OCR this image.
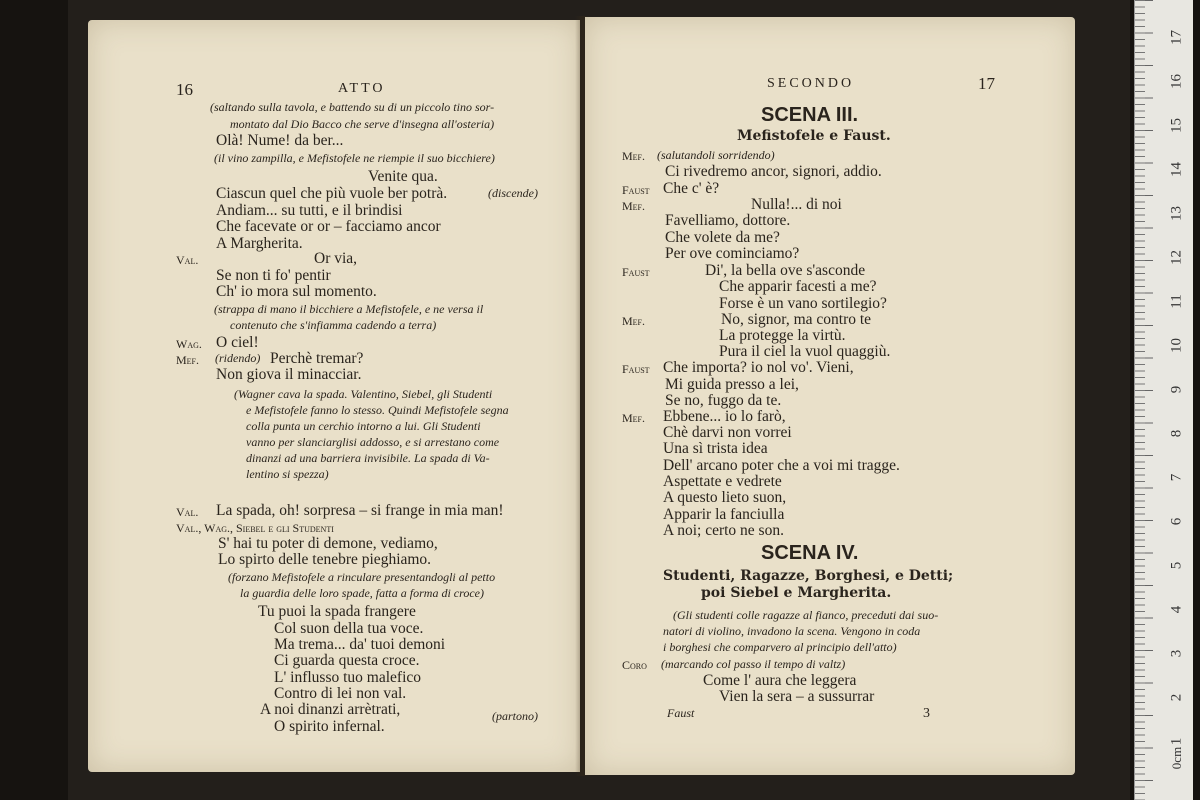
16	ATTO
(saltando sulla tavola, e battendo su di un piccolo tino sor-
montato dal Dio Bacco che serve d'insegna all'osteria)
Olà! Nume! da ber...
(il vino zampilla, e Mefistofele ne riempie il suo bicchiere)
Venite qua.
Ciascun quel che più vuole ber potrà.	(discende)
Andiam... su tutti, e il brindisi
Che facevate or or – facciamo ancor
A Margherita.
Val.	Or via,
Se non ti fo' pentir
Ch' io mora sul momento.
(strappa di mano il bicchiere a Mefistofele, e ne versa il
contenuto che s'infiamma cadendo a terra)
Wag. O ciel!
Mef. (ridendo) Perchè tremar?
Non giova il minacciar.
(Wagner cava la spada. Valentino, Siebel, gli Studenti
e Mefistofele fanno lo stesso. Quindi Mefistofele segna
colla punta un cerchio intorno a lui. Gli Studenti
vanno per slanciarglisi addosso, e si arrestano come
dinanzi ad una barriera invisibile. La spada di Va-
lentino si spezza)
Val. La spada, oh! sorpresa – si frange in mia man!
Val., Wag., Siebel e gli Studenti
S' hai tu poter di demone, vediamo,
Lo spirto delle tenebre pieghiamo.
(forzano Mefistofele a rinculare presentandogli al petto
la guardia delle loro spade, fatta a forma di croce)
Tu puoi la spada frangere
Col suon della tua voce.
Ma trema... da' tuoi demoni
Ci guarda questa croce.
L' influsso tuo malefico
Contro di lei non val.
A noi dinanzi arrètrati,
O spirito infernal.
(partono)
SECONDO	17
SCENA III.
Mefistofele e Faust.
Mef. (salutandoli sorridendo)
Ci rivedremo ancor, signori, addio.
Faust Che c' è?
Mef.	Nulla!... di noi
Favelliamo, dottore.
Che volete da me?
Per ove cominciamo?
Faust	Di', la bella ove s'asconde
Che apparir facesti a me?
Forse è un vano sortilegio?
Mef.	No, signor, ma contro te
La protegge la virtù.
Pura il ciel la vuol quaggiù.
Faust Che importa? io nol vo'. Vieni,
Mi guida presso a lei,
Se no, fuggo da te.
Mef. Ebbene... io lo farò,
Chè darvi non vorrei
Una sì trista idea
Dell' arcano poter che a voi mi tragge.
Aspettate e vedrete
A questo lieto suon,
Apparir la fanciulla
A noi; certo ne son.
SCENA IV.
Studenti, Ragazze, Borghesi, e Detti;
poi Siebel e Margherita.
(Gli studenti colle ragazze al fianco, preceduti dai suo-
natori di violino, invadono la scena. Vengono in coda
i borghesi che comparvero al principio dell'atto)
Coro (marcando col passo il tempo di valtz)
Come l' aura che leggera
Vien la sera – a sussurrar
Faust	3
1
2
3
4
5
6
7
8
9
10
11
12
13
14
15
16
17
0cm
